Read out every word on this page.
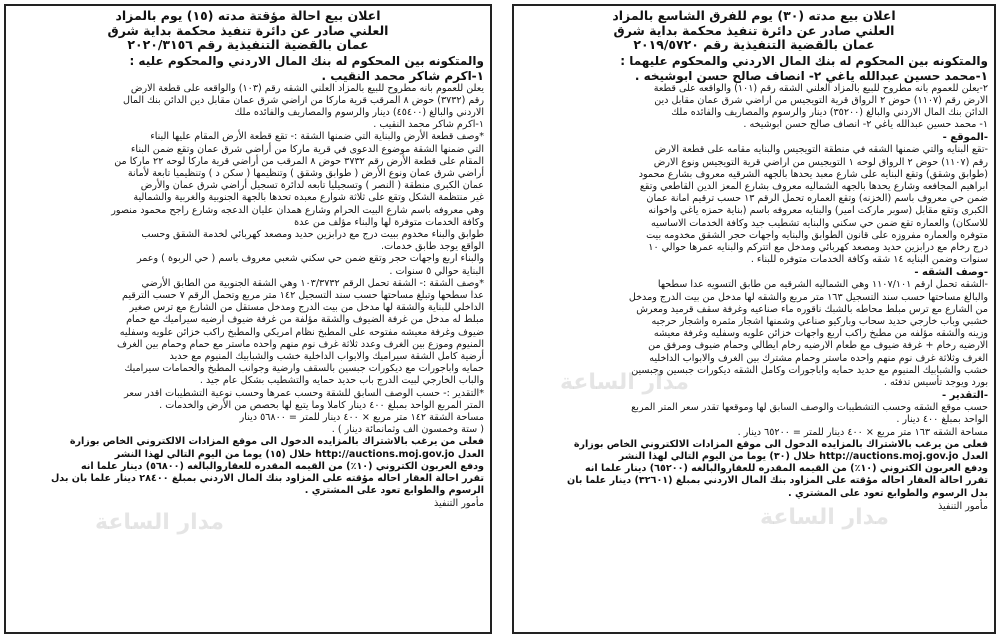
اعلان بيع مدته (٣٠) يوم للفرق الشاسع بالمزاد

العلني صادر عن دائرة تنفيذ محكمة بداية شرق

عمان بالقضية التنفيذية رقم ٢٠١٩/٥٧٢٠

والمتكونه بين المحكوم له بنك المال الاردني والمحكوم عليهما :

١-محمد حسين عبدالله ياغي ٢- انصاف صالح حسن ابوشيخه .

٢-يعلن للعموم بانه مطروح للبيع بالمزاد العلني الشقه رقم (١٠١) والواقعه على قطعة

الارض رقم (١١٠٧) حوض ٢ الرواق قرية التويجيس من اراضي شرق عمان مقابل دين

الدائن بنك المال الاردني والبالغ (٣٥٢٠٠) دينار والرسوم والمصاريف والفائده ملك

١- محمد حسين عبدالله ياغي ٢- انصاف صالح حسن ابوشيخه .

-الموقع -

-تقع البنايه والتي ضمنها الشقه في منطقة التويجيس والبنايه مقامه على قطعة الارض

رقم (١١٠٧) حوض ٢ الرواق لوحه ١ التويجيس من اراضي قرية التويجيس ونوع الارض

(طوابق وشقق) وتقع البنايه على شارع معبد يحدها بالجهه الشرقيه معروف بشارع محمود

ابراهيم المجافعه وشارع يحدها بالجهه الشماليه معروف بشارع المعز الدين القاطعي وتقع

ضمن حي معروف باسم (الخزنه) وتقع العماره تحمل الرقم ١٣ حسب ترقيم امانة عمان

الكبرى وتقع مقابل (سوبر ماركت امير) والبنايه معروفه باسم (بناية حمزه ياغي واخوانه

للاسكان) والعماره تقع ضمن حي سكني والبنايه تشطيب جيد وكافة الخدمات الاساسيه

متوفره والعماره مفروزه على قانون الطوابق والبنايه واجهات حجر الشقق مخدومه بيت

درج رخام مع درابزين حديد ومصعد كهربائي ومدخل مع اتتركم والبنايه عمرها حوالي ١٠

سنوات وضمن البنايه ١٤ شقه وكافة الخدمات متوفره للبناء .

-وصف الشقه -

-الشقه تحمل ارقم ١١٠٧/١٠١ وهي الشماليه الشرقيه من طابق التسويه عدا سطحها

والبالغ مساحتها حسب سند التسجيل ١٦٣ متر مربع والشقه لها مدخل من بيت الدرج ومدخل

من الشارع مع ترس مبلط محاطه بالشبك ناقوره ماء صناعيه وغرفة سقف قرميد ومعرش

خشبي وباب خارجي حديد سحاب وباركيو صناعي وشمنها اشجار مثمره واشجار حرجيه

وزينه والشقه مؤلفه من مطبخ راكب اربع واجهات خزائن علويه وسفليه وغرفة معيشه

الارضيه رخام + غرفة ضيوف مع طعام الارضيه رخام ايطالي وحمام ضيوف ومرفق من

الغرف وثلاثة غرف نوم منهم واحده ماستر وحمام مشترك بين الغرف والابواب الداخليه

خشب والشبابيك المنيوم مع حديد حمايه واباجورات وكامل الشقه ديكورات جبسين وجبسين

بورد ويوجد تأسيس تدفئه .

-التقدير -

حسب موقع الشقه وحسب التشطيبات والوصف السابق لها وموقعها تقدر سعر المتر المربع

الواحد بمبلغ ٤٠٠ دينار .

مساحة الشقه ١٦٣ متر مربع × ٤٠٠ دينار للمتر = ٦٥٢٠٠ دينار .

فعلى من يرغب بالاشتراك بالمزايده الدخول الى موقع المزادات الالكتروني الخاص بوزارة

العدل http://auctions.moj.gov.jo خلال (٣٠) يوما من اليوم التالي لهذا النشر

ودفع العربون الكتروني (١٠٪) من القيمه المقدره للعقاروالبالغه (٦٥٢٠٠) دينار علما انه

تقرر احالة العقار احاله مؤقته على المزاود بنك المال الاردني بمبلغ (٣٢٦٠١) دينار علما بان

بدل الرسوم والطوابع تعود على المشتري .

مأمور التنفيذ

اعلان بيع احالة مؤقتة مدته (١٥) يوم بالمزاد

العلني صادر عن دائرة تنفيذ محكمة بداية شرق

عمان بالقضية التنفيذية رقم ٢٠٢٠/٣١٥٦

والمتكونه بين المحكوم له بنك المال الاردني والمحكوم عليه :

١-اكرم شاكر محمد النقيب .

يعلن للعموم بانه مطروح للبيع بالمزاد العلني الشقه رقم (١٠٣) والواقعه على قطعة الارض

رقم (٣٧٣٢) حوض ٨ المرقب قرية ماركا من اراضي شرق عمان مقابل دين الدائن بنك المال

الاردني والبالغ (٤٥٤٠٠) دينار والرسوم والمصاريف والفائده ملك

١-اكرم شاكر محمد النقيب .

*وصف قطعة الأرض والبناية التي ضمنها الشقة :- تقع قطعة الأرض المقام عليها البناء

التي ضمنها الشقة موضوع الدعوى في قرية ماركا من أراضي شرق عمان وتقع ضمن البناء

المقام على قطعة الأرض رقم ٣٧٣٢ حوض ٨ المرقب من أراضي قرية ماركا لوحه ٢٢ ماركا من

أراضي شرق عمان ونوع الأرض ( طوابق وشقق ) وتنظيمها ( سكن د ) وتنظيميا تابعة لأمانة

عمان الكبرى منطقة ( النصر ) وتسجيليا تابعه لدائرة تسجيل أراضي شرق عمان والأرض

غير منتظمة الشكل وتقع على ثلاثة شوارع معبده تحدها بالجهة الجنوبية والغربية والشمالية

وهي معروفه باسم شارع البيت الحرام وشارع همدان عليان الدعجه وشارع راجح محمود منصور

وكافة الخدمات متوفرة لها والبناء مؤلف من عدة

طوابق والبناء مخدوم ببيت درج مع درابزين حديد ومصعد كهربائي لخدمة الشقق وحسب

الواقع يوجد طابق خدمات.

والبناء اربع واجهات حجر وتقع ضمن حي سكني شعبي معروف باسم ( حي الربوة ) وعمر

البناية حوالي ٥ سنوات .

*وصف الشقة :- الشقة تحمل الرقم ١٠٣/٣٧٣٢ وهي الشقة الجنوبية من الطابق الأرضي

عدا سطحها وتبلغ مساحتها حسب سند التسجيل ١٤٢ متر مربع وتحمل الرقم ٧ حسب الترقيم

الداخلي للبناية والشقة لها مدخل من بيت الدرج ومدخل مستقل من الشارع مع ترس صغير

مبلط له مدخل من غرفة الضيوف والشقة مؤلفة من غرفة ضيوف ارضيه سيراميك مع حمام

ضيوف وغرفة معيشه مفتوحه على المطبخ نظام امريكي والمطبخ راكب خزائن علويه وسفليه

المنيوم وموزع بين الغرف وعدد ثلاثة غرف نوم منهم واحده ماستر مع حمام وحمام بين الغرف

أرضية كامل الشقة سيراميك والابواب الداخلية خشب والشبابيك المنيوم مع حديد

حمايه واباجورات مع ديكورات جبسين بالسقف وارضية وجوانب المطبخ والحمامات سيراميك

والباب الخارجي لبيت الدرج باب حديد حمايه والتشطيب بشكل عام جيد .

*التقدير :- حسب الوصف السابق للشقة وحسب عمرها وحسب نوعية التشطيبات اقدر سعر

المتر المربع الواحد بمبلغ ٤٠٠ دينار كاملا وما يتبع لها بحصص من الأرض والخدمات .

مساحة الشقة ١٤٢ متر مربع × ٤٠٠ دينار للمتر = ٥٦٨٠٠ دينار

( ستة وخمسون الف وثمانمائة دينار ) .

فعلى من يرغب بالاشتراك بالمزايده الدخول الى موقع المزادات الالكتروني الخاص بوزارة

العدل http://auctions.moj.gov.jo خلال (١٥) يوما من اليوم التالي لهذا النشر

ودفع العربون الكتروني (١٠٪) من القيمه المقدره للعقاروالبالغه (٥٦٨٠٠) دينار علما انه

تقرر احالة العقار احاله مؤقته على المزاود بنك المال الاردني بمبلغ ٢٨٤٠٠ دينار علما بان بدل

الرسوم والطوابع تعود على المشتري .

مأمور التنفيذ

مدار الساعة
مدار الساعة
مدار الساعة
